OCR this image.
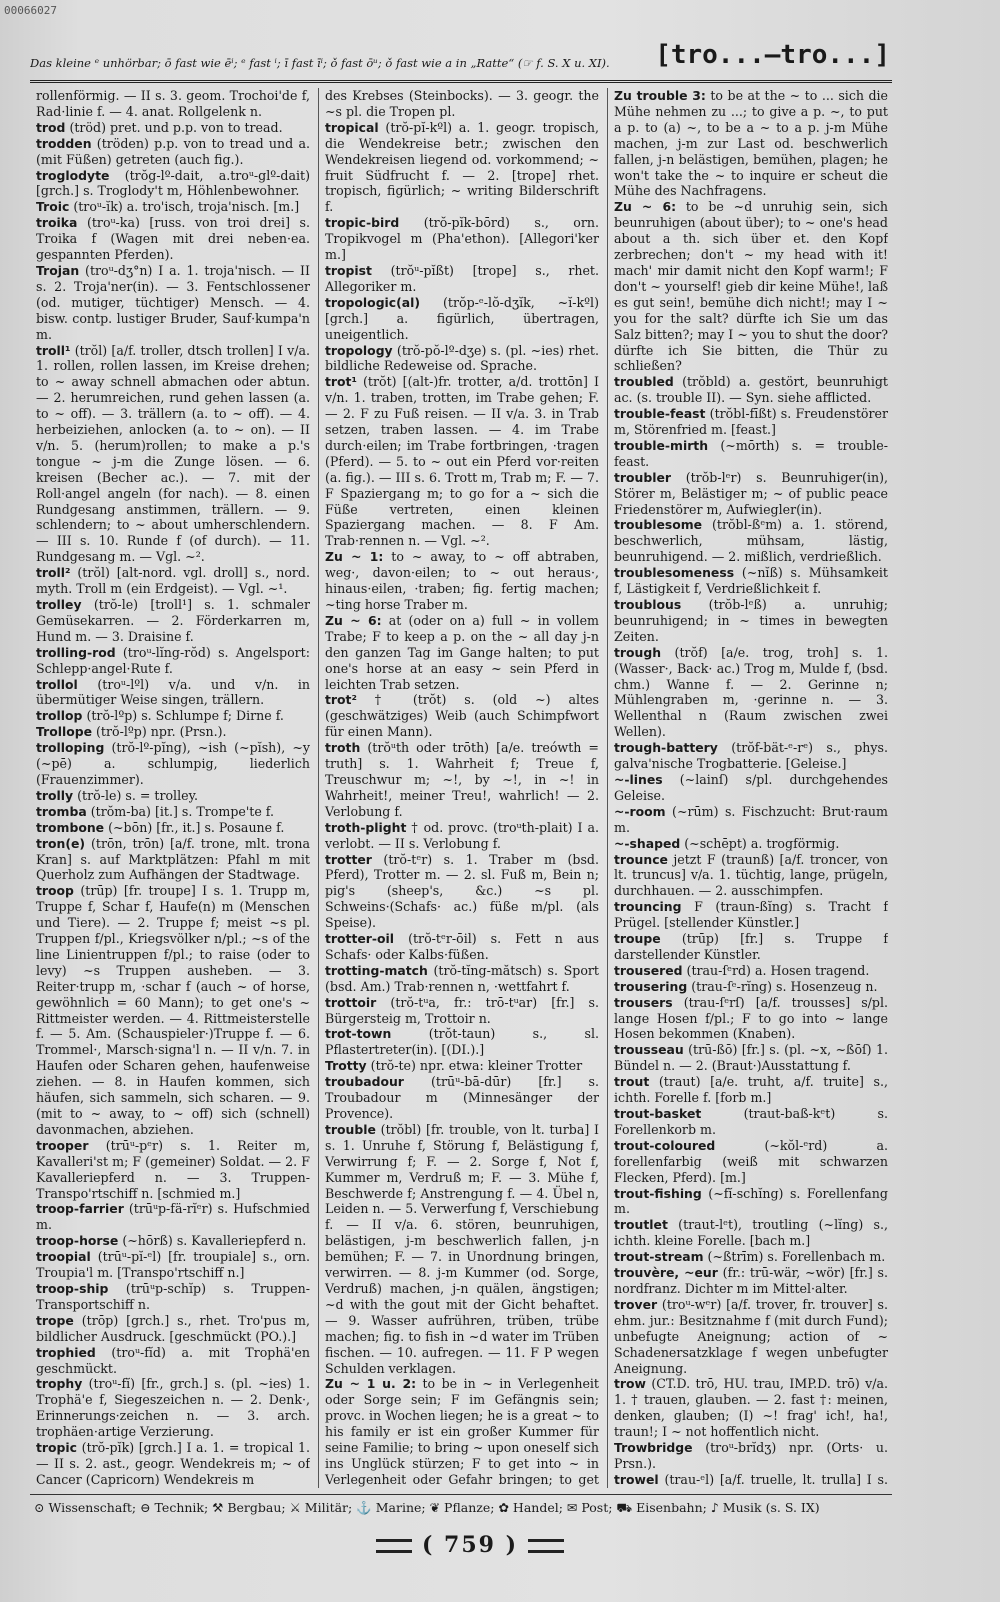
00066027
Das kleine ᵉ unhörbar; ō fast wie ēⁱ; ᵉ fast ⁱ; ī fast īⁱ; ǒ fast ōᵘ; ǒ fast wie a in „Ratte“ (☞ f. S. X u. XI).	[tro...—tro...]

rollenförmig. — II s. 3. geom. Trochoi'de f, Rad·linie f. — 4. anat. Rollgelenk n.

trod (tröd) pret. und p.p. von to tread.

trodden (tröden) p.p. von to tread und a. (mit Füßen) getreten (auch fig.).

troglodyte (trŏg-lº-dait, a.troᵘ-glº-dait) [grch.] s. Troglody't m, Höhlenbewohner.

Troic (troᵘ-ĭk) a. tro'isch, troja'nisch. [m.]

troika (troᵘ-ka) [russ. von troi drei] s. Troika f (Wagen mit drei neben·ea. gespannten Pferden).

Trojan (troᵘ-dʒ°n) I a. 1. troja'nisch. — II s. 2. Troja'ner(in). — 3. Fentschlossener (od. mutiger, tüchtiger) Mensch. — 4. bisw. contp. lustiger Bruder, Sauf·kumpa'n m.

troll¹ (trŏl) [a/f. troller, dtsch trollen] I v/a. 1. rollen, rollen lassen, im Kreise drehen; to ~ away schnell abmachen oder abtun. — 2. herumreichen, rund gehen lassen (a. to ~ off). — 3. trällern (a. to ~ off). — 4. herbeiziehen, anlocken (a. to ~ on). — II v/n. 5. (herum)rollen; to make a p.'s tongue ~ j-m die Zunge lösen. — 6. kreisen (Becher ac.). — 7. mit der Roll·angel angeln (for nach). — 8. einen Rundgesang anstimmen, trällern. — 9. schlendern; to ~ about umherschlendern. — III s. 10. Runde f (of durch). — 11. Rundgesang m. — Vgl. ~².

troll² (trŏl) [alt-nord. vgl. droll] s., nord. myth. Troll m (ein Erdgeist). — Vgl. ~¹.

trolley (trŏ-le) [troll¹] s. 1. schmaler Gemüsekarren. — 2. Förderkarren m, Hund m. — 3. Draisine f.

trolling-rod (troᵘ-lĭng-rŏd) s. Angelsport: Schlepp·angel·Rute f.

trollol (troᵘ-lºl) v/a. und v/n. in übermütiger Weise singen, trällern.

trollop (trŏ-lºp) s. Schlumpe f; Dirne f.

Trollope (trŏ-lºp) npr. (Prsn.).

trolloping (trŏ-lº-pĭng), ~ish (~pĭsh), ~y (~pē) a. schlumpig, liederlich (Frauenzimmer).

trolly (trŏ-le) s. = trolley.

tromba (trŏm-ba) [it.] s. Trompe'te f.

trombone (~bōn) [fr., it.] s. Posaune f.

tron(e) (trōn, trōn) [a/f. trone, mlt. trona Kran] s. auf Marktplätzen: Pfahl m mit Querholz zum Aufhängen der Stadtwage.

troop (trūp) [fr. troupe] I s. 1. Trupp m, Truppe f, Schar f, Haufe(n) m (Menschen und Tiere). — 2. Truppe f; meist ~s pl. Truppen f/pl., Kriegsvölker n/pl.; ~s of the line Linientruppen f/pl.; to raise (oder to levy) ~s Truppen ausheben. — 3. Reiter·trupp m, ·schar f (auch ~ of horse, gewöhnlich = 60 Mann); to get one's ~ Rittmeister werden. — 4. Rittmeisterstelle f. — 5. Am. (Schauspieler·)Truppe f. — 6. Trommel·, Marsch·signa'l n. — II v/n. 7. in Haufen oder Scharen gehen, haufenweise ziehen. — 8. in Haufen kommen, sich häufen, sich sammeln, sich scharen. — 9. (mit to ~ away, to ~ off) sich (schnell) davonmachen, abziehen.

trooper (trūᵘ-pᵉr) s. 1. Reiter m, Kavalleri'st m; F (gemeiner) Soldat. — 2. F Kavalleriepferd n. — 3. Truppen-Transpo'rtschiff n. [schmied m.]

troop-farrier (trūᵘp-fä-rĭᵉr) s. Hufschmied m.

troop-horse (~hōrß) s. Kavalleriepferd n.

troopial (trūᵘ-pĭ-ᵉl) [fr. troupiale] s., orn. Troupia'l m. [Transpo'rtschiff n.]

troop-ship (trūᵘp-schĭp) s. Truppen-Transportschiff n.

trope (trōp) [grch.] s., rhet. Tro'pus m, bildlicher Ausdruck. [geschmückt (PO.).]

trophied (troᵘ-fĭd) a. mit Trophä'en geschmückt.

trophy (troᵘ-fĭ) [fr., grch.] s. (pl. ~ies) 1. Trophä'e f, Siegeszeichen n. — 2. Denk·, Erinnerungs·zeichen n. — 3. arch. trophäen·artige Verzierung.

tropic (trŏ-pĭk) [grch.] I a. 1. = tropical 1. — II s. 2. ast., geogr. Wendekreis m; ~ of Cancer (Capricorn) Wendekreis m

des Krebses (Steinbocks). — 3. geogr. the ~s pl. die Tropen pl.

tropical (trŏ-pĭ-kºl) a. 1. geogr. tropisch, die Wendekreise betr.; zwischen den Wendekreisen liegend od. vorkommend; ~ fruit Südfrucht f. — 2. [trope] rhet. tropisch, figürlich; ~ writing Bilderschrift f.

tropic-bird (trŏ-pĭk-bōrd) s., orn. Tropikvogel m (Pha'ethon). [Allegori'ker m.]

tropist (trŏᵘ-pĭßt) [trope] s., rhet. Allegoriker m.

tropologic(al) (trŏp-ᵉ-lŏ-dʒĭk, ~ĭ-kºl) [grch.] a. figürlich, übertragen, uneigentlich.

tropology (trŏ-pŏ-lº-dʒe) s. (pl. ~ies) rhet. bildliche Redeweise od. Sprache.

trot¹ (trŏt) [(alt-)fr. trotter, a/d. trottōn] I v/n. 1. traben, trotten, im Trabe gehen; F. — 2. F zu Fuß reisen. — II v/a. 3. in Trab setzen, traben lassen. — 4. im Trabe durch·eilen; im Trabe fortbringen, ·tragen (Pferd). — 5. to ~ out ein Pferd vor·reiten (a. fig.). — III s. 6. Trott m, Trab m; F. — 7. F Spaziergang m; to go for a ~ sich die Füße vertreten, einen kleinen Spaziergang machen. — 8. F Am. Trab·rennen n. — Vgl. ~².

Zu ~ 1: to ~ away, to ~ off abtraben, weg·, davon·eilen; to ~ out heraus·, hinaus·eilen, ·traben; fig. fertig machen; ~ting horse Traber m.

Zu ~ 6: at (oder on a) full ~ in vollem Trabe; F to keep a p. on the ~ all day j-n den ganzen Tag im Gange halten; to put one's horse at an easy ~ sein Pferd in leichten Trab setzen.

trot² † (trŏt) s. (old ~) altes (geschwätziges) Weib (auch Schimpfwort für einen Mann).

troth (trŏᵘth oder trōth) [a/e. treówth = truth] s. 1. Wahrheit f; Treue f, Treuschwur m; ~!, by ~!, in ~! in Wahrheit!, meiner Treu!, wahrlich! — 2. Verlobung f.

troth-plight † od. provc. (troᵘth-plait) I a. verlobt. — II s. Verlobung f.

trotter (trŏ-tᵉr) s. 1. Traber m (bsd. Pferd), Trotter m. — 2. sl. Fuß m, Bein n; pig's (sheep's, &c.) ~s pl. Schweins·(Schafs· ac.) füße m/pl. (als Speise).

trotter-oil (trŏ-tᵉr-ōil) s. Fett n aus Schafs· oder Kalbs·füßen.

trotting-match (trŏ-tĭng-mătsch) s. Sport (bsd. Am.) Trab·rennen n, ·wettfahrt f.

trottoir (trŏ-tᵘa, fr.: trō-tᵘar) [fr.] s. Bürgersteig m, Trottoir n.

trot-town	(trŏt-taun) s., sl. Pflastertreter(in). [(DI.).]

Trotty (trŏ-te) npr. etwa: kleiner Trotter

troubadour (trūᵘ-bā-dūr) [fr.] s. Troubadour m (Minnesänger der Provence).

trouble (trŏbl) [fr. trouble, von lt. turba] I s. 1. Unruhe f, Störung f, Belästigung f, Verwirrung f; F. — 2. Sorge f, Not f, Kummer m, Verdruß m; F. — 3. Mühe f, Beschwerde f; Anstrengung f. — 4. Übel n, Leiden n. — 5. Verwerfung f, Verschiebung f. — II v/a. 6. stören, beunruhigen, belästigen, j-m beschwerlich fallen, j-n bemühen; F. — 7. in Unordnung bringen, verwirren. — 8. j-m Kummer (od. Sorge, Verdruß) machen, j-n quälen, ängstigen; ~d with the gout mit der Gicht behaftet. — 9. Wasser aufrühren, trüben, trübe machen; fig. to fish in ~d water im Trüben fischen. — 10. aufregen. — 11. F P wegen Schulden verklagen.

Zu ~ 1 u. 2: to be in ~ in Verlegenheit oder Sorge sein; F im Gefängnis sein; provc. in Wochen liegen; he is a great ~ to his family er ist ein großer Kummer für seine Familie; to bring ~ upon oneself sich ins Unglück stürzen; F to get into ~ in Verlegenheit oder Gefahr bringen; to get

Zu trouble 3: to be at the ~ to ... sich die Mühe nehmen zu ...; to give a p. ~, to put a p. to (a) ~, to be a ~ to a p. j-m Mühe machen, j-m zur Last od. beschwerlich fallen, j-n belästigen, bemühen, plagen; he won't take the ~ to inquire er scheut die Mühe des Nachfragens.

Zu ~ 6: to be ~d unruhig sein, sich beunruhigen (about über); to ~ one's head about a th. sich über et. den Kopf zerbrechen; don't ~ my head with it! mach' mir damit nicht den Kopf warm!; F don't ~ yourself! gieb dir keine Mühe!, laß es gut sein!, bemühe dich nicht!; may I ~ you for the salt? dürfte ich Sie um das Salz bitten?; may I ~ you to shut the door? dürfte ich Sie bitten, die Thür zu schließen?

troubled (trŏbld) a. gestört, beunruhigt ac. (s. trouble II). — Syn. siehe afflicted.

trouble-feast (trŏbl-fīßt) s. Freudenstörer m, Störenfried m. [feast.]

trouble-mirth (~mōrth) s. = trouble-feast.

troubler (trŏb-lᵉr) s. Beunruhiger(in), Störer m, Belästiger m; ~ of public peace Friedenstörer m, Aufwiegler(in).

troublesome (trŏbl-ßᵉm) a. 1. störend, beschwerlich, mühsam, lästig, beunruhigend. — 2. mißlich, verdrießlich.

troublesomeness (~nĭß) s. Mühsamkeit f, Lästigkeit f, Verdrießlichkeit f.

troublous (trŏb-lᵉß) a. unruhig; beunruhigend; in ~ times in bewegten Zeiten.

trough (trŏf) [a/e. trog, troh] s. 1. (Wasser·, Back· ac.) Trog m, Mulde f, (bsd. chm.) Wanne f. — 2. Gerinne n; Mühlengraben m, ·gerinne n. — 3. Wellenthal n (Raum zwischen zwei Wellen).

trough-battery (trŏf-bät-ᵉ-rᵉ) s., phys. galva'nische Trogbatterie. [Geleise.]

~-lines (~lainſ) s/pl. durchgehendes Geleise.

~-room (~rūm) s. Fischzucht: Brut·raum m.

~-shaped (~schēpt) a. trogförmig.

trounce jetzt F (traunß) [a/f. troncer, von lt. truncus] v/a. 1. tüchtig, lange, prügeln, durchhauen. — 2. ausschimpfen.

trouncing F (traun-ßĭng) s. Tracht f Prügel. [stellender Künstler.]

troupe (trūp) [fr.] s. Truppe f darstellender Künstler.

trousered (trau-ſᵉrd) a. Hosen tragend.

trousering (trau-ſᵉ-rĭng) s. Hosenzeug n.

trousers (trau-ſᵉrſ) [a/f. trousses] s/pl. lange Hosen f/pl.; F to go into ~ lange Hosen bekommen (Knaben).

trousseau (trū-ßō) [fr.] s. (pl. ~x, ~ßōſ) 1. Bündel n. — 2. (Braut·)Ausstattung f.

trout (traut) [a/e. truht, a/f. truite] s., ichth. Forelle f. [forb m.]

trout-basket	(traut-baß-kᵉt) s. Forellenkorb m.

trout-coloured	(~kŏl-ᵉrd) a. forellenfarbig (weiß mit schwarzen Flecken, Pferd). [m.]

trout-fishing (~fĭ-schĭng) s. Forellenfang m.

troutlet (traut-lᵉt), troutling (~lĭng) s., ichth. kleine Forelle. [bach m.]

trout-stream (~ßtrīm) s. Forellenbach m.

trouvère, ~eur (fr.: trū-wär, ~wör) [fr.] s. nordfranz. Dichter m im Mittel·alter.

trover (troᵘ-wᵉr) [a/f. trover, fr. trouver] s. ehm. jur.: Besitznahme f (mit durch Fund); unbefugte Aneignung; action of ~ Schadenersatzklage f wegen unbefugter Aneignung.

trow (CT.D. trō, HU. trau, IMP.D. trō) v/a. 1. † trauen, glauben. — 2. fast †: meinen, denken, glauben; (I) ~! frag' ich!, ha!, traun!; I ~ not hoffentlich nicht.

Trowbridge (troᵘ-brĭdʒ) npr. (Orts· u. Prsn.).

trowel (trau-ᵉl) [a/f. truelle, lt. trulla] I s.

⊙ Wissenschaft; ⊖ Technik; ⚒ Bergbau; ⚔ Militär; ⚓ Marine; ❦ Pflanze; ✿ Handel; ✉ Post; ⛟ Eisenbahn; ♪ Musik (s. S. IX)
( 759 )
